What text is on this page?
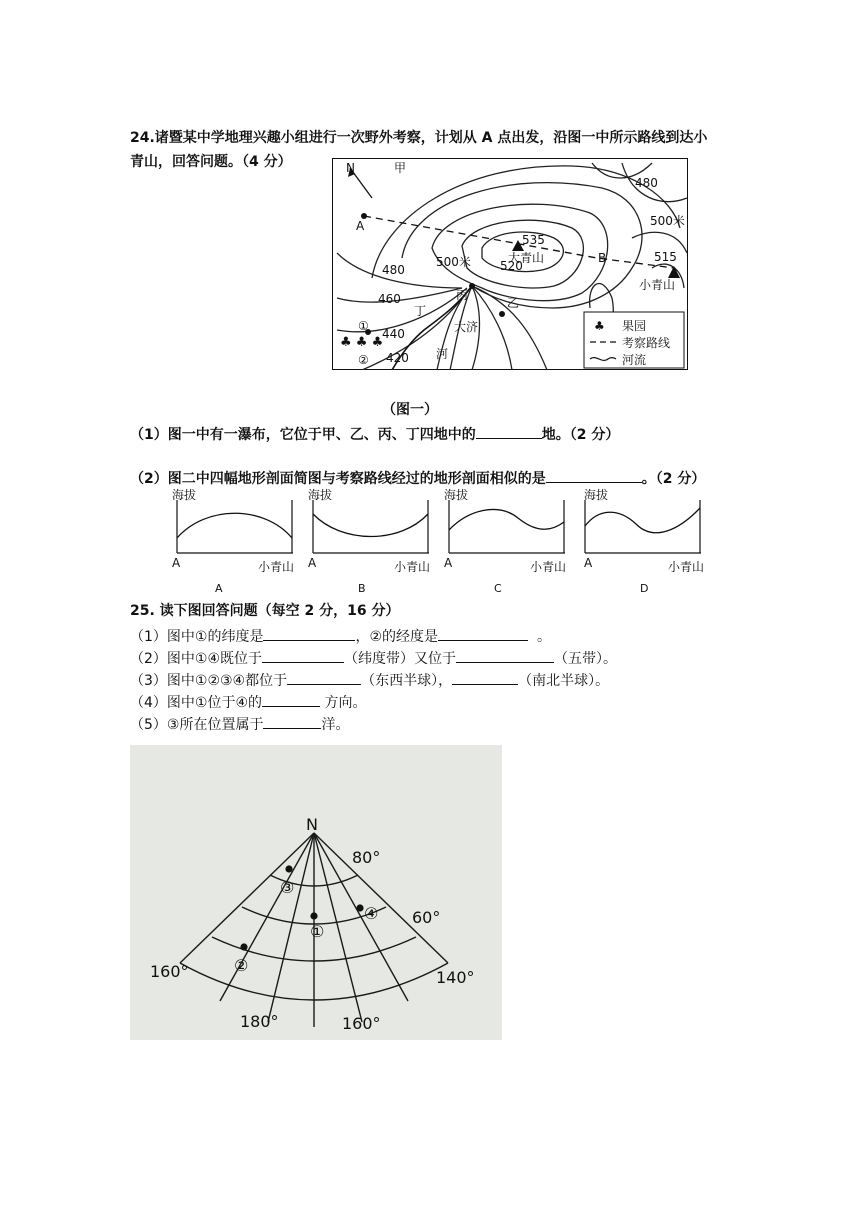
24.诸暨某中学地理兴趣小组进行一次野外考察，计划从 A 点出发，沿图一中所示路线到达小
青山，回答问题。（4 分）
♣ ♣ ♣
N	甲
A
B
大青山
小青山
丙
乙
丁
大济
河
①
②
480
500米
535
520
500米	515
480
460
440
420
♣ 果园
考察路线
河流
（图一）
（1）图一中有一瀑布，它位于甲、乙、丙、丁四地中的	地。（2 分）
（2）图二中四幅地形剖面简图与考察路线经过的地形剖面相似的是	。（2 分）
海拔
A	小青山
A
海拔
A	小青山
B
海拔
A	小青山
C
海拔
A	小青山
D
25. 读下图回答问题（每空 2 分，16 分）
（1）图中①的纬度是	，②的经度是	。
（2）图中①④既位于	（纬度带）又位于	（五带）。
（3）图中①②③④都位于	（东西半球），	（南北半球）。
（4）图中①位于④的	方向。
（5）③所在位置属于	洋。
N
80°
60°
160°	140°
180°	160°
③
①
④
②
